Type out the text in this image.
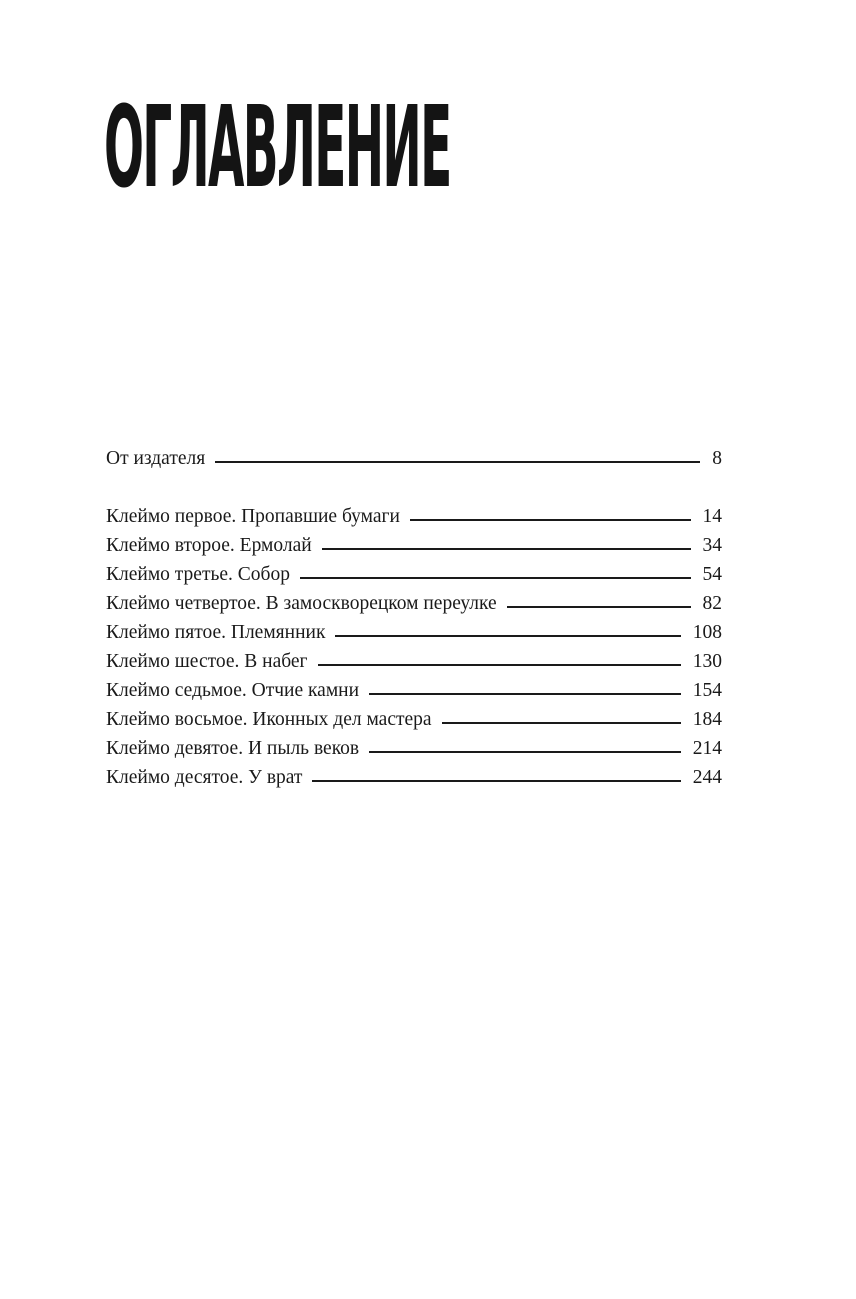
ОГЛАВЛЕНИЕ
От издателя	8
Клеймо первое. Пропавшие бумаги	14
Клеймо второе. Ермолай	34
Клеймо третье. Собор	54
Клеймо четвертое. В замоскворецком переулке	82
Клеймо пятое. Племянник	108
Клеймо шестое. В набег	130
Клеймо седьмое. Отчие камни	154
Клеймо восьмое. Иконных дел мастера	184
Клеймо девятое. И пыль веков	214
Клеймо десятое. У врат	244
